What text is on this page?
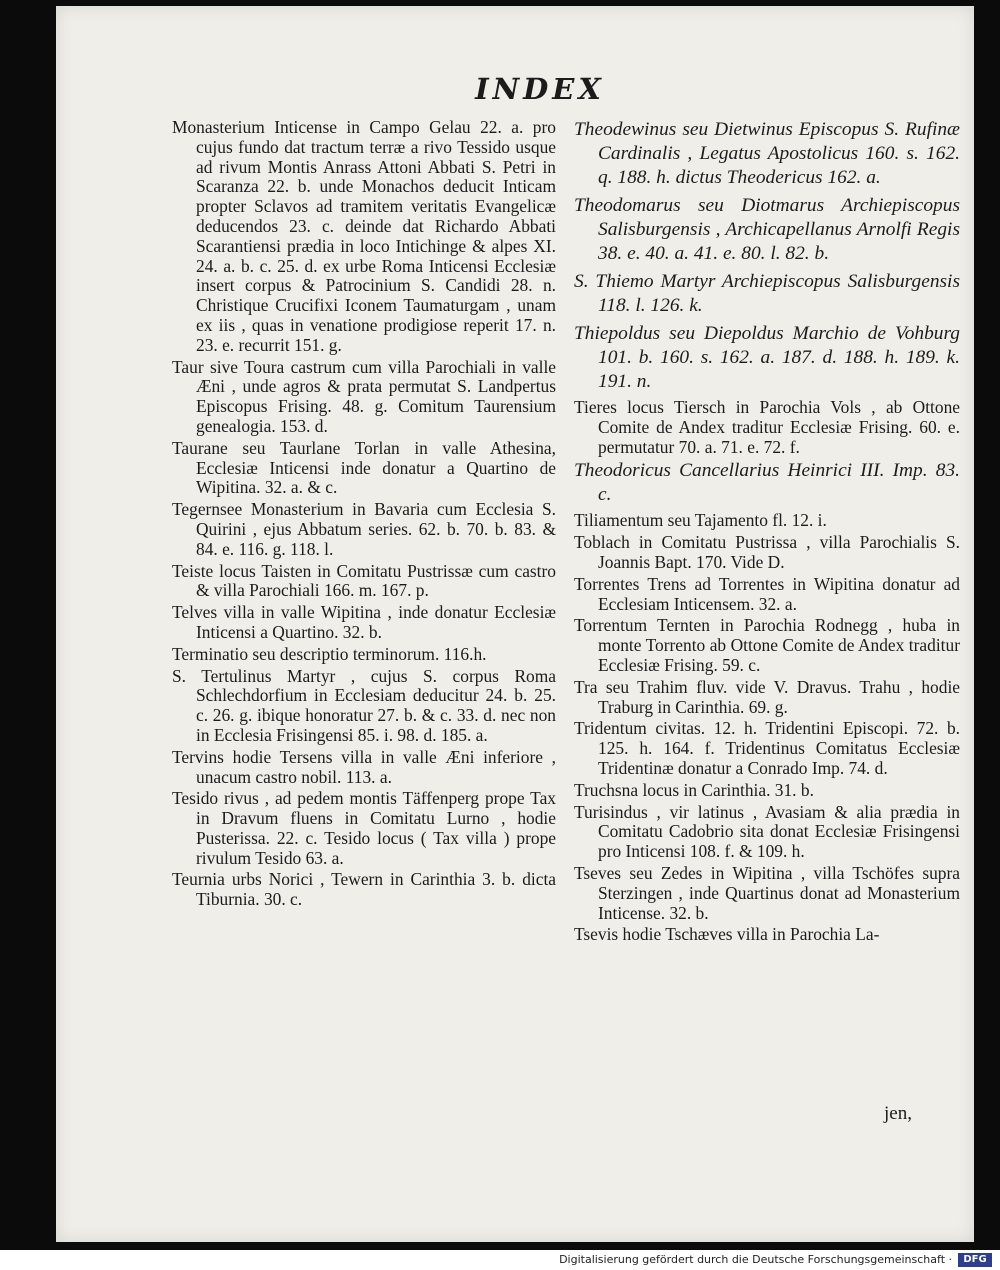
INDEX

Monasterium Inticense in Campo Gelau 22. a. pro cujus fundo dat tractum terræ a rivo Tessido usque ad rivum Montis Anrass Attoni Abbati S. Petri in Scaranza 22. b. unde Monachos deducit Inticam propter Sclavos ad tramitem veritatis Evangelicæ deducendos 23. c. deinde dat Richardo Abbati Scarantiensi prædia in loco Intichinge & alpes XI. 24. a. b. c. 25. d. ex urbe Roma Inticensi Ecclesiæ insert corpus & Patrocinium S. Candidi 28. n. Christique Crucifixi Iconem Taumaturgam , unam ex iis , quas in venatione prodigiose reperit 17. n. 23. e. recurrit 151. g.

Taur sive Toura castrum cum villa Parochiali in valle Æni , unde agros & prata permutat S. Landpertus Episcopus Frising. 48. g. Comitum Taurensium genealogia. 153. d.

Taurane seu Taurlane Torlan in valle Athesina, Ecclesiæ Inticensi inde donatur a Quartino de Wipitina. 32. a. & c.

Tegernsee Monasterium in Bavaria cum Ecclesia S. Quirini , ejus Abbatum series. 62. b. 70. b. 83. & 84. e. 116. g. 118. l.

Teiste locus Taisten in Comitatu Pustrissæ cum castro & villa Parochiali 166. m. 167. p.

Telves villa in valle Wipitina , inde donatur Ecclesiæ Inticensi a Quartino. 32. b.

Terminatio seu descriptio terminorum. 116.h.

S. Tertulinus Martyr , cujus S. corpus Roma Schlechdorfium in Ecclesiam deducitur 24. b. 25. c. 26. g. ibique honoratur 27. b. & c. 33. d. nec non in Ecclesia Frisingensi 85. i. 98. d. 185. a.

Tervins hodie Tersens villa in valle Æni inferiore , unacum castro nobil. 113. a.

Tesido rivus , ad pedem montis Täffenperg prope Tax in Dravum fluens in Comitatu Lurno , hodie Pusterissa. 22. c. Tesido locus ( Tax villa ) prope rivulum Tesido 63. a.

Teurnia urbs Norici , Tewern in Carinthia 3. b. dicta Tiburnia. 30. c.

Theodewinus seu Dietwinus Episcopus S. Rufinæ Cardinalis , Legatus Apostolicus 160. s. 162. q. 188. h. dictus Theodericus 162. a.

Theodomarus seu Diotmarus Archiepiscopus Salisburgensis , Archicapellanus Arnolfi Regis 38. e. 40. a. 41. e. 80. l. 82. b.

S. Thiemo Martyr Archiepiscopus Salisburgensis 118. l. 126. k.

Thiepoldus seu Diepoldus Marchio de Vohburg 101. b. 160. s. 162. a. 187. d. 188. h. 189. k. 191. n.

Tieres locus Tiersch in Parochia Vols , ab Ottone Comite de Andex traditur Ecclesiæ Frising. 60. e. permutatur 70. a. 71. e. 72. f.

Theodoricus Cancellarius Heinrici III. Imp. 83. c.

Tiliamentum seu Tajamento fl. 12. i.

Toblach in Comitatu Pustrissa , villa Parochialis S. Joannis Bapt. 170. Vide D.

Torrentes Trens ad Torrentes in Wipitina donatur ad Ecclesiam Inticensem. 32. a.

Torrentum Ternten in Parochia Rodnegg , huba in monte Torrento ab Ottone Comite de Andex traditur Ecclesiæ Frising. 59. c.

Tra seu Trahim fluv. vide V. Dravus. Trahu , hodie Traburg in Carinthia. 69. g.

Tridentum civitas. 12. h. Tridentini Episcopi. 72. b. 125. h. 164. f. Tridentinus Comitatus Ecclesiæ Tridentinæ donatur a Conrado Imp. 74. d.

Truchsna locus in Carinthia. 31. b.

Turisindus , vir latinus , Avasiam & alia prædia in Comitatu Cadobrio sita donat Ecclesiæ Frisingensi pro Inticensi 108. f. & 109. h.

Tseves seu Zedes in Wipitina , villa Tschöfes supra Sterzingen , inde Quartinus donat ad Monasterium Inticense. 32. b.

Tsevis hodie Tschæves villa in Parochia La-

jen,
Digitalisierung gefördert durch die Deutsche Forschungsgemeinschaft ·	DFG
